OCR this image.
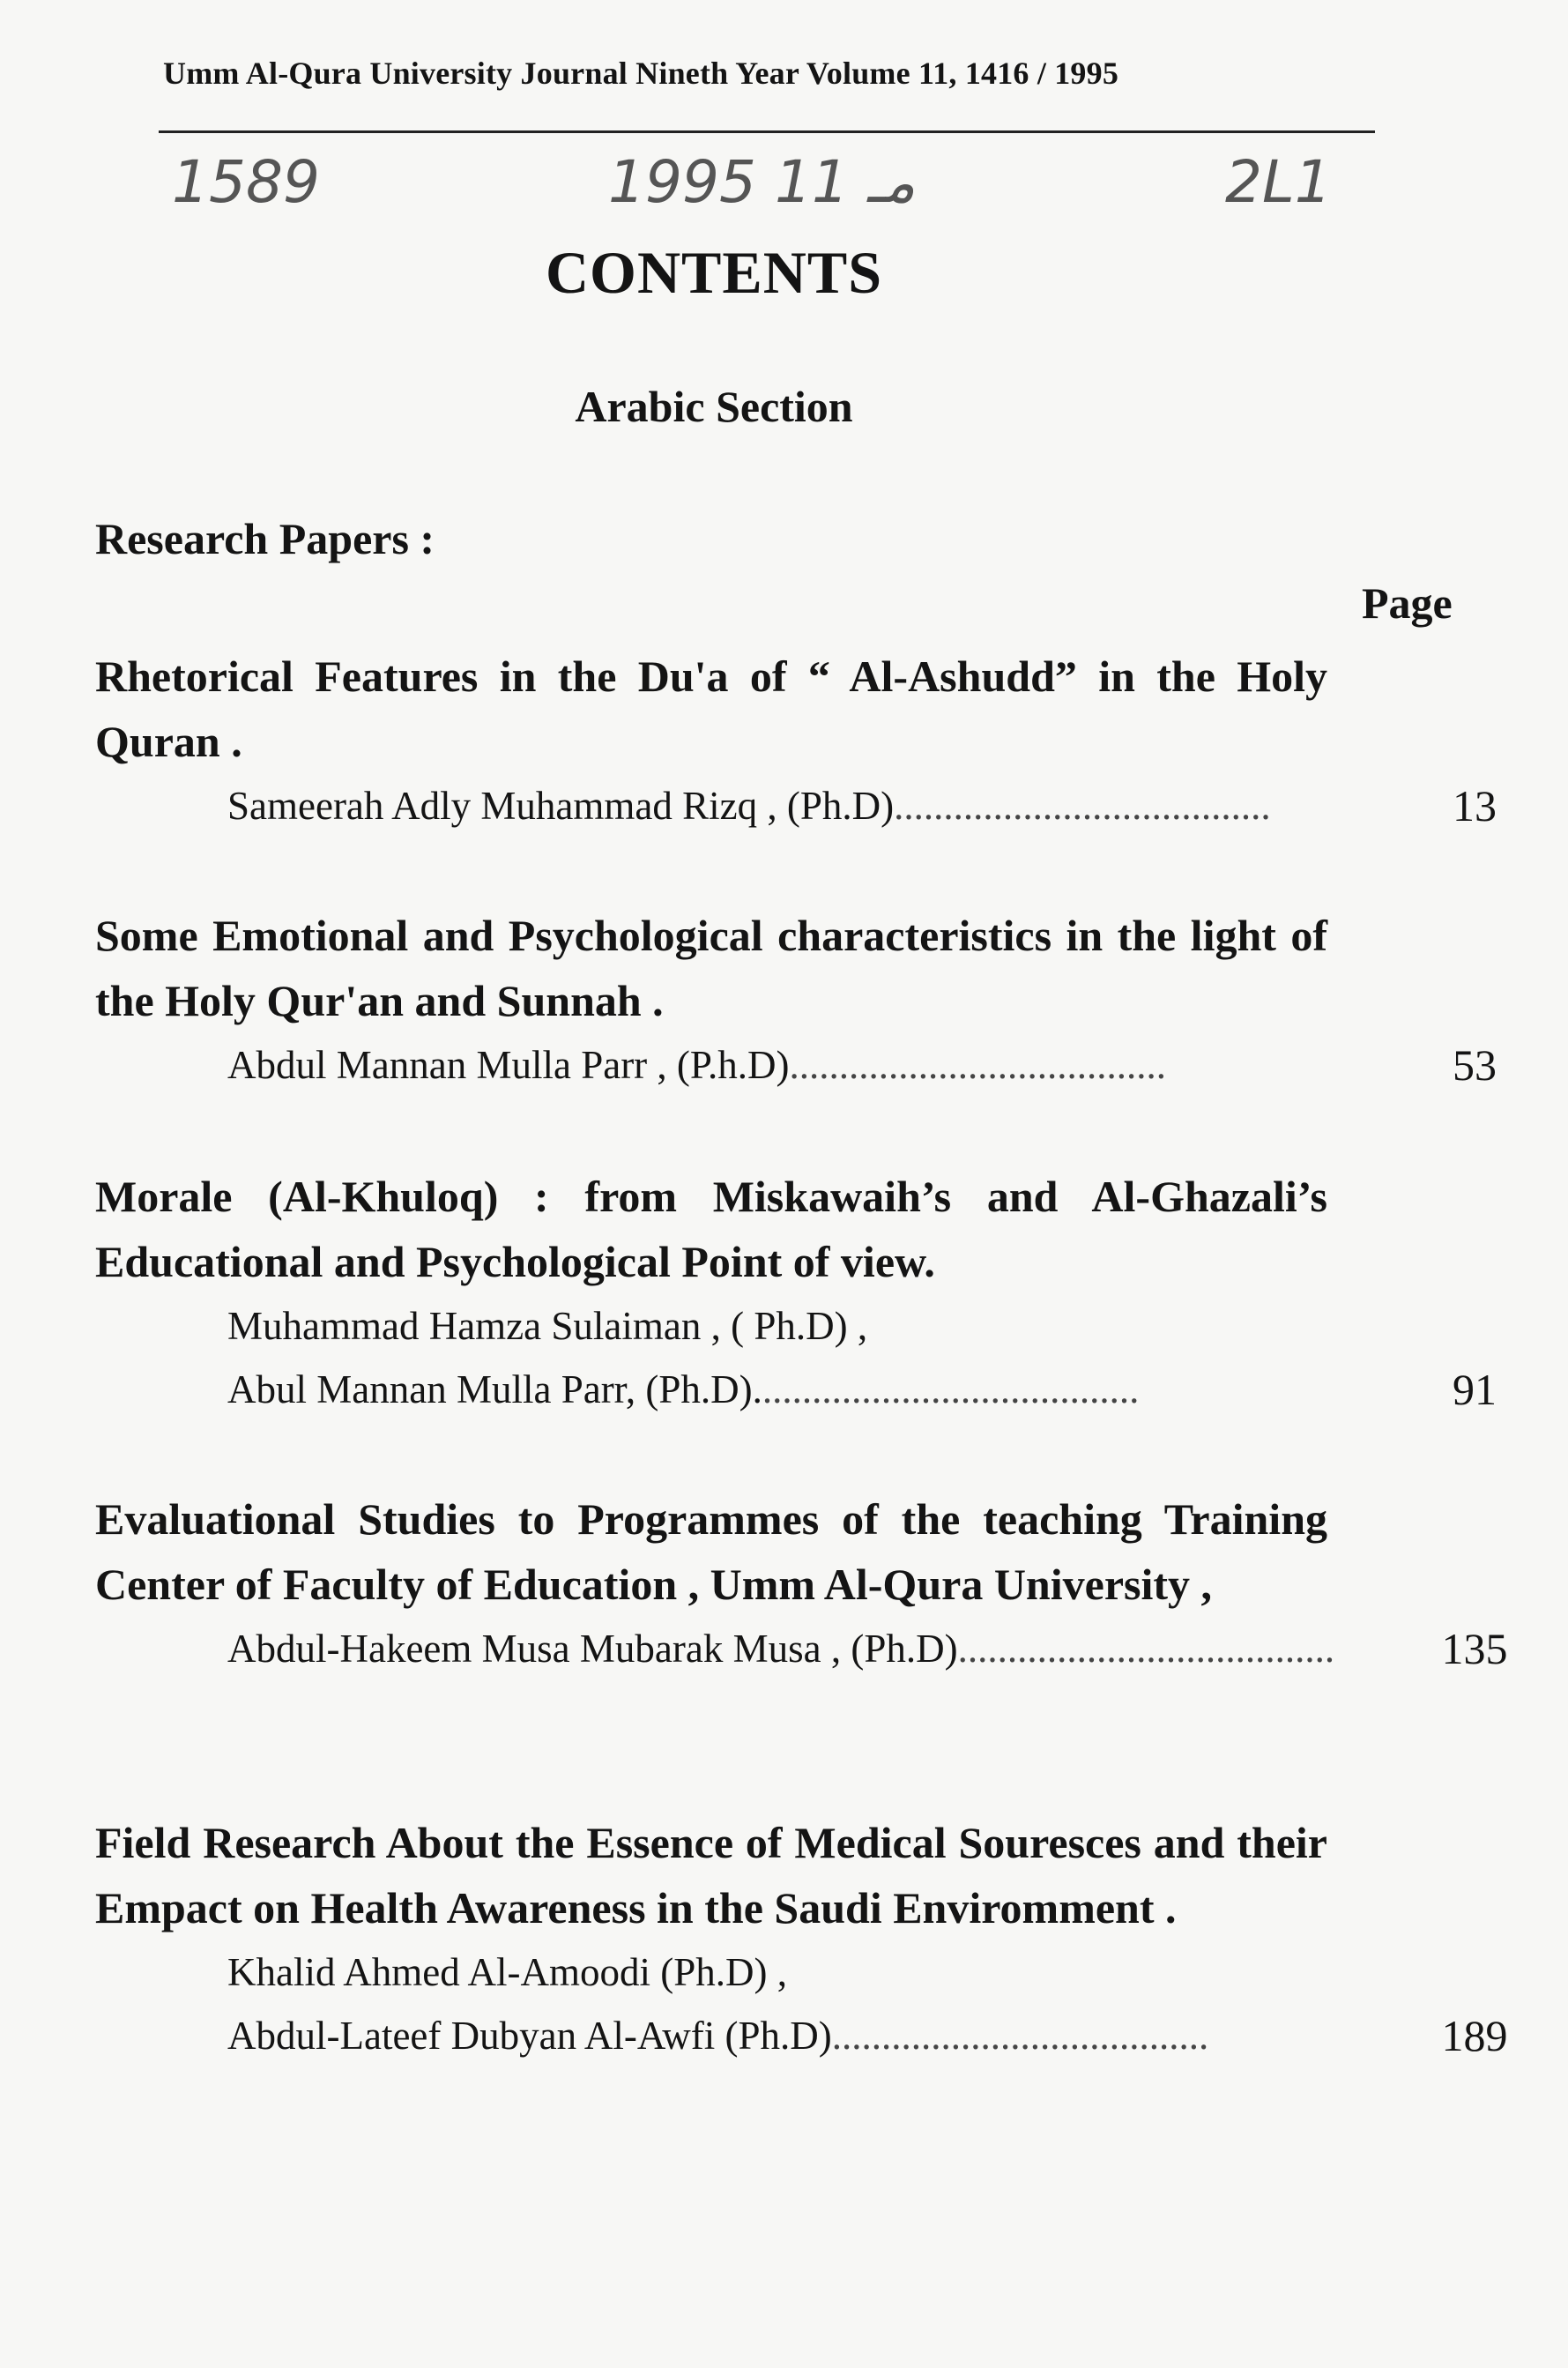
Umm Al-Qura University Journal Nineth Year Volume 11, 1416 / 1995
1589	1995 مـ 11	2L1
CONTENTS
Arabic Section
Research Papers :
Page
Rhetorical Features in the Du'a of “ Al-Ashudd” in the Holy Quran .
Sameerah Adly Muhammad Rizq , (Ph.D)......................................	13
Some Emotional and Psychological characteristics in the light of the Holy Qur'an and Sunnah .
Abdul Mannan Mulla Parr , (P.h.D)......................................	53
Morale (Al-Khuloq) : from Miskawaih’s and Al-Ghazali’s Educational and Psychological Point of view.
Muhammad Hamza Sulaiman , ( Ph.D) ,
Abul Mannan Mulla Parr, (Ph.D).......................................	91
Evaluational Studies to Programmes of the teaching Training Center of Faculty of Education , Umm Al-Qura University ,
Abdul-Hakeem Musa Mubarak Musa , (Ph.D)......................................	135
Field Research About the Essence of Medical Souresces and their Empact on Health Awareness in the Saudi Enviromment .
Khalid Ahmed Al-Amoodi (Ph.D) ,
Abdul-Lateef Dubyan Al-Awfi (Ph.D)......................................	189
